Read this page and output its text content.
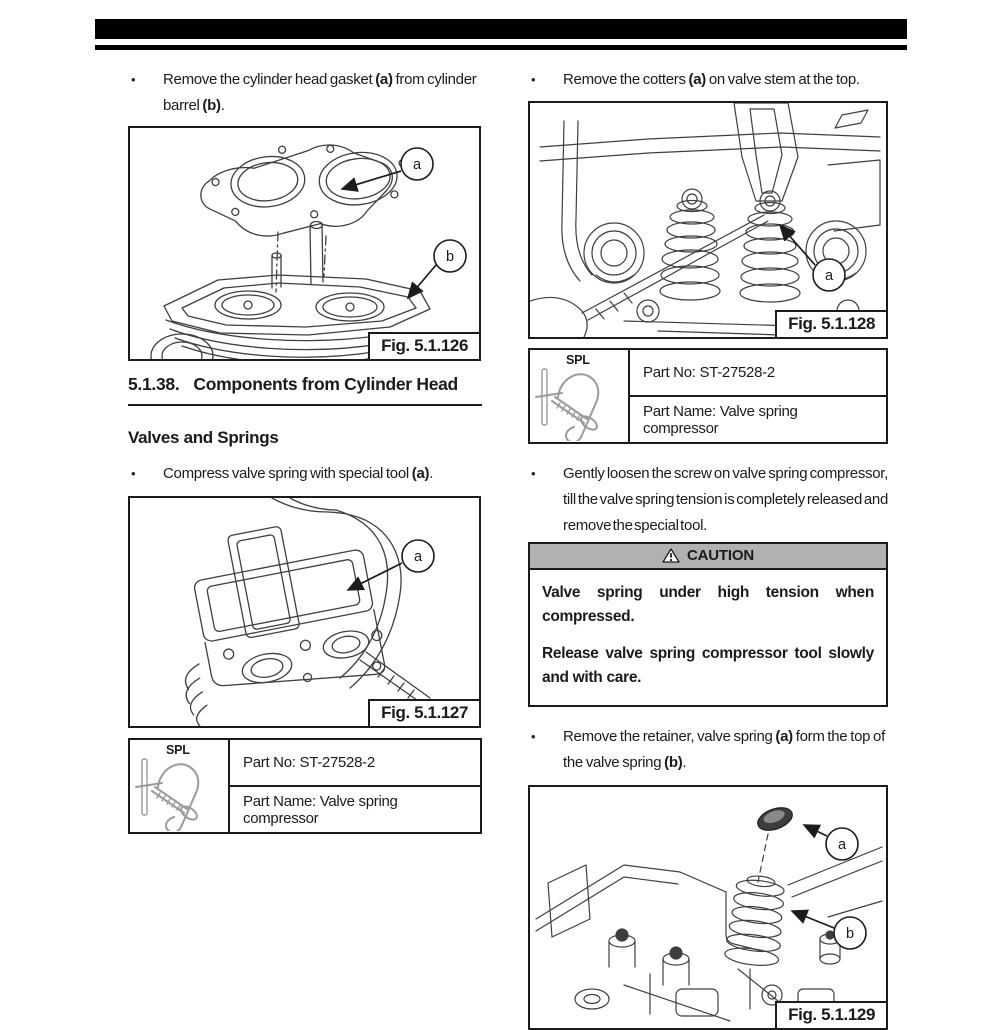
•	Remove the cylinder head gasket (a) from cylinder barrel (b).
a
b
Fig. 5.1.126
5.1.38. Components from Cylinder Head
Valves and Springs
•	Compress valve spring with special tool (a).
a
Fig. 5.1.127
SPL
Part No: ST-27528-2
Part Name: Valve spring compressor
•	Remove the cotters (a) on valve stem at the top.
a
Fig. 5.1.128
SPL
Part No: ST-27528-2
Part Name: Valve spring compressor
•	Gently loosen the screw on valve spring compressor, till the valve spring tension is completely released and remove the special tool.
CAUTION

Valve spring under high tension when compressed.

Release valve spring compressor tool slowly and with care.

•	Remove the retainer, valve spring (a) form the top of the valve spring (b).
a
b
Fig. 5.1.129
